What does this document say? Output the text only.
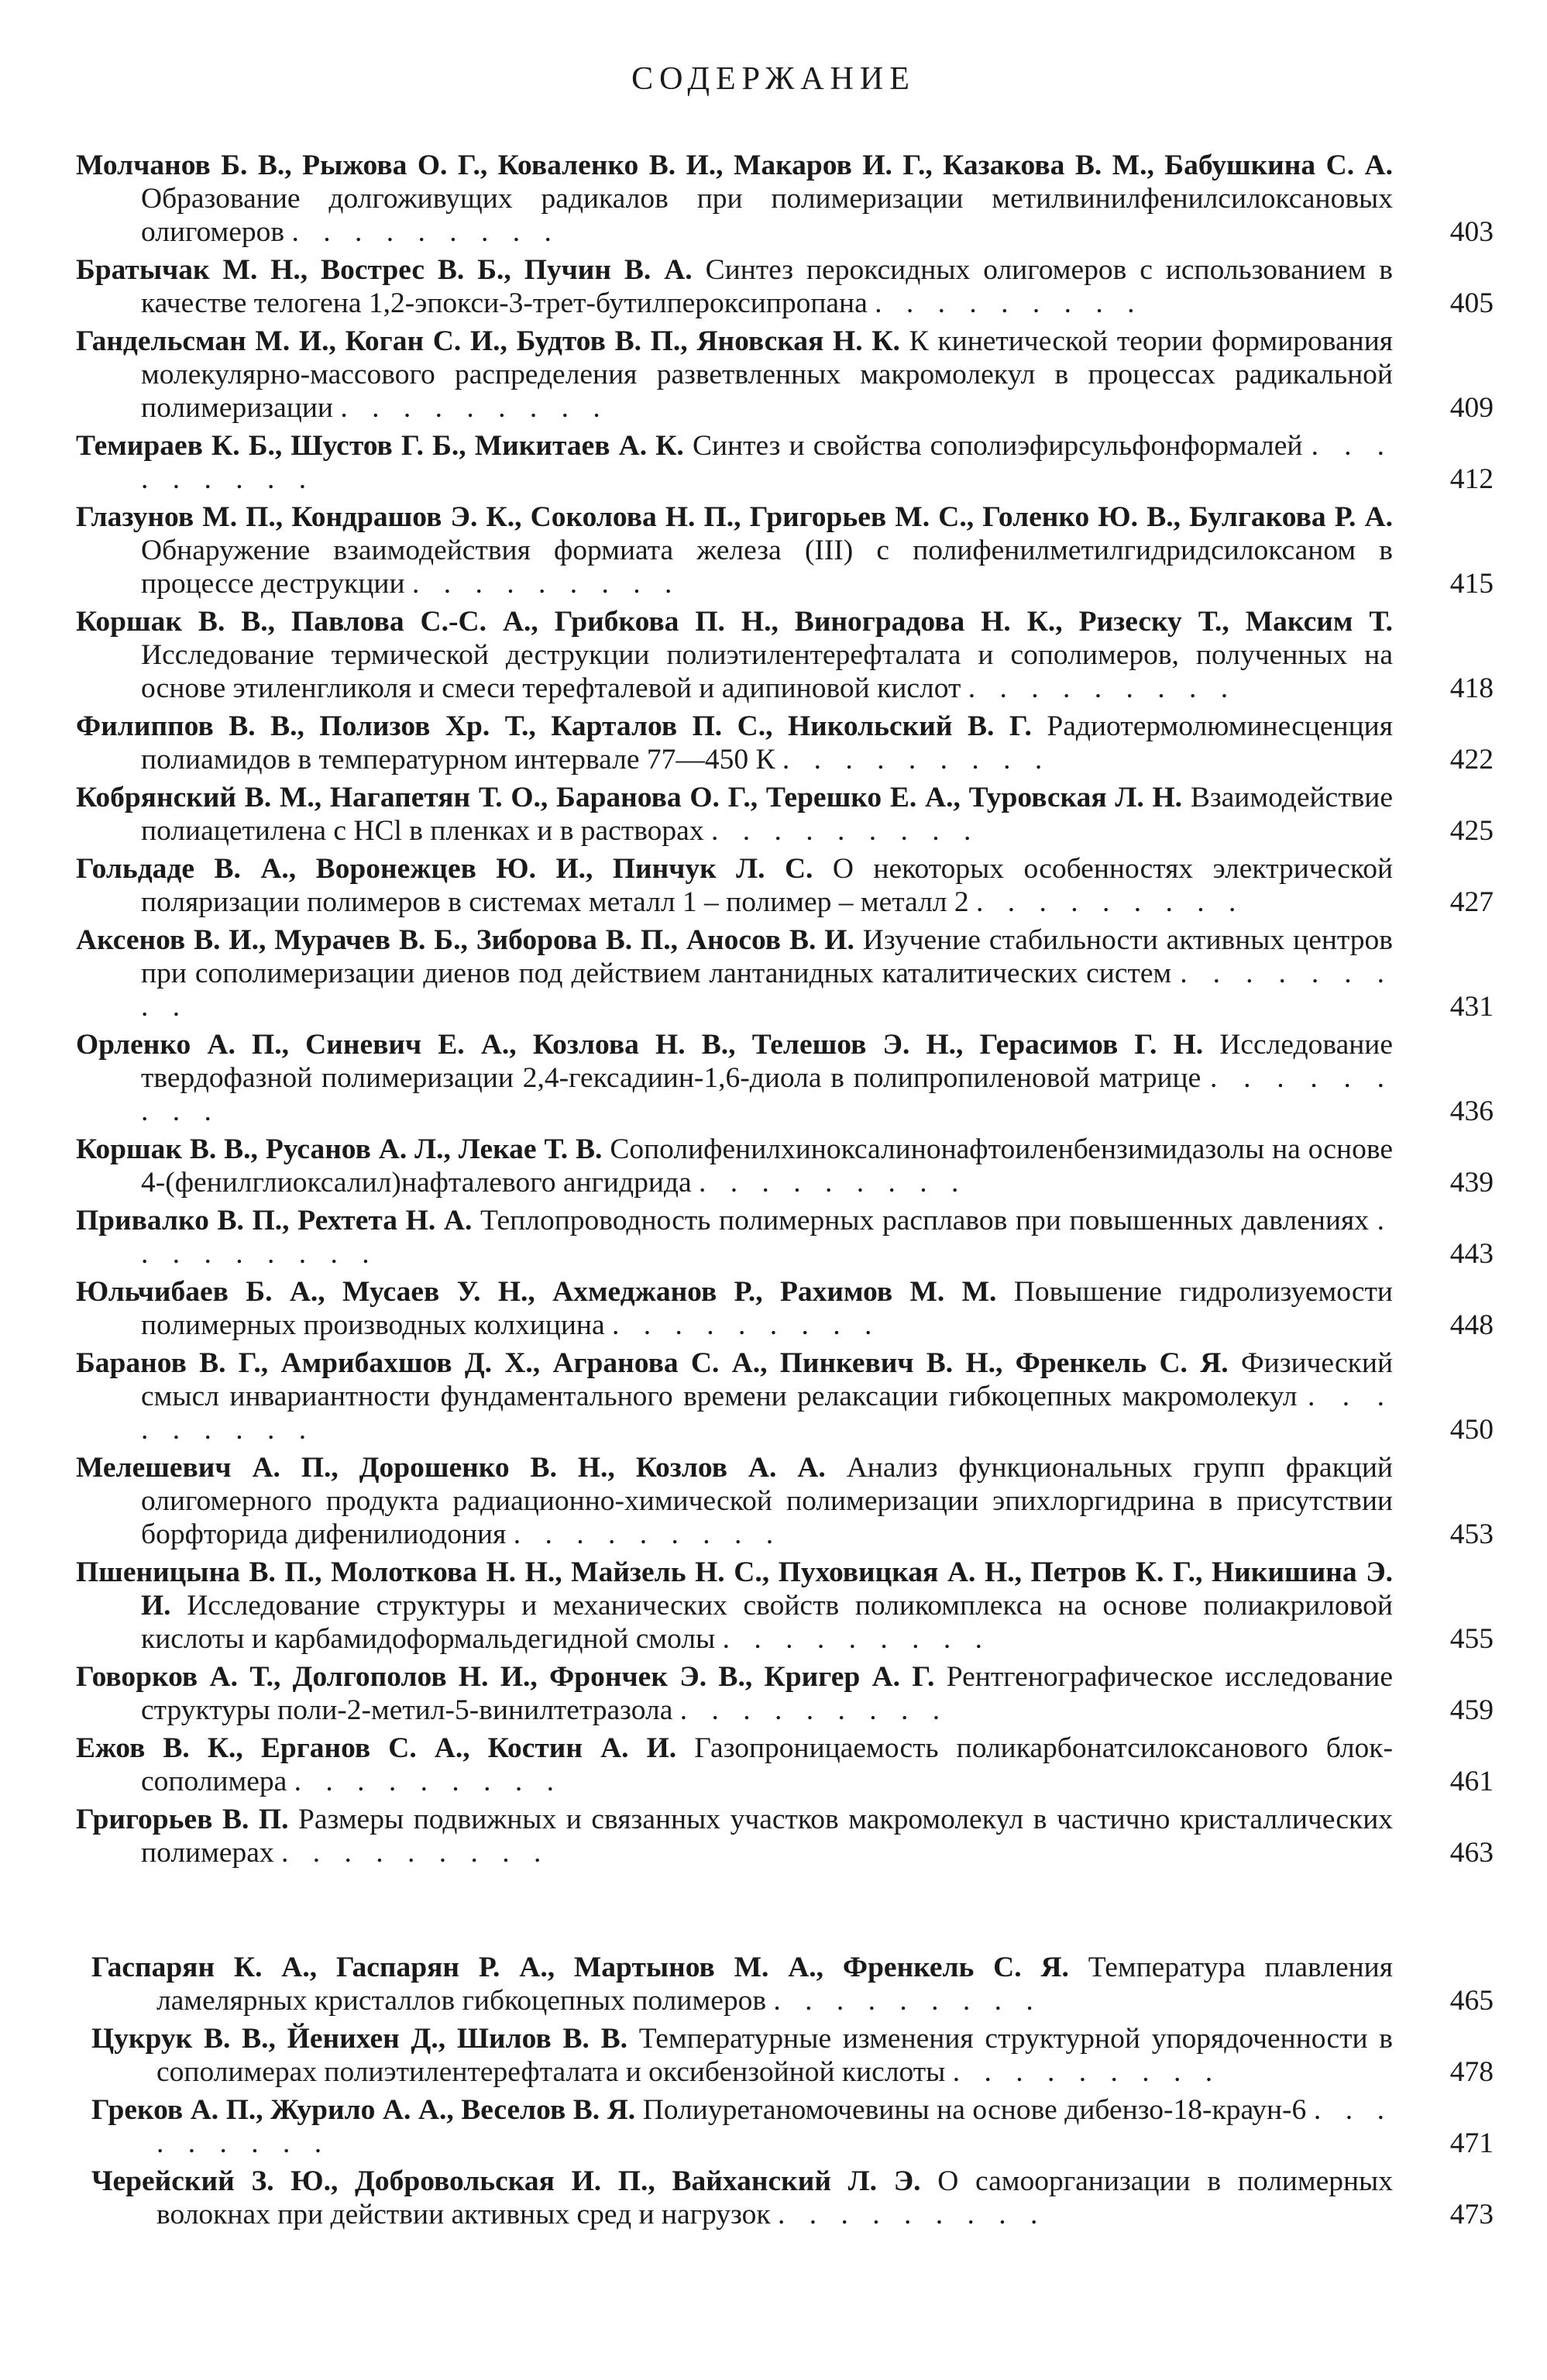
СОДЕРЖАНИЕ
Молчанов Б. В., Рыжова О. Г., Коваленко В. И., Макаров И. Г., Казакова В. М., Бабушкина С. А. Образование долгоживущих радикалов при полимеризации метилвинилфенилсилоксановых олигомеров . . . . . . . . .	403
Братычак М. Н., Вострес В. Б., Пучин В. А. Синтез пероксидных олигомеров с использованием в качестве телогена 1,2-эпокси-3-трет-бутилпероксипропана . . . . . . . . .	405
Гандельсман М. И., Коган С. И., Будтов В. П., Яновская Н. К. К кинетической теории формирования молекулярно-массового распределения разветвленных макромолекул в процессах радикальной полимеризации . . . . . . . . .	409
Темираев К. Б., Шустов Г. Б., Микитаев А. К. Синтез и свойства сополиэфирсульфонформалей . . . . . . . . .	412
Глазунов М. П., Кондрашов Э. К., Соколова Н. П., Григорьев М. С., Голенко Ю. В., Булгакова Р. А. Обнаружение взаимодействия формиата железа (III) с полифенилметилгидридсилоксаном в процессе деструкции . . . . . . . . .	415
Коршак В. В., Павлова С.-С. А., Грибкова П. Н., Виноградова Н. К., Ризеску Т., Максим Т. Исследование термической деструкции полиэтилентерефталата и сополимеров, полученных на основе этиленгликоля и смеси терефталевой и адипиновой кислот . . . . . . . . .	418
Филиппов В. В., Полизов Хр. Т., Карталов П. С., Никольский В. Г. Радиотермолюминесценция полиамидов в температурном интервале 77—450 К . . . . . . . . .	422
Кобрянский В. М., Нагапетян Т. О., Баранова О. Г., Терешко Е. А., Туровская Л. Н. Взаимодействие полиацетилена с HCl в пленках и в растворах . . . . . . . . .	425
Гольдаде В. А., Воронежцев Ю. И., Пинчук Л. С. О некоторых особенностях электрической поляризации полимеров в системах металл 1 – полимер – металл 2 . . . . . . . . .	427
Аксенов В. И., Мурачев В. Б., Зиборова В. П., Аносов В. И. Изучение стабильности активных центров при сополимеризации диенов под действием лантанидных каталитических систем . . . . . . . . .	431
Орленко А. П., Синевич Е. А., Козлова Н. В., Телешов Э. Н., Герасимов Г. Н. Исследование твердофазной полимеризации 2,4-гексадиин-1,6-диола в полипропиленовой матрице . . . . . . . . .	436
Коршак В. В., Русанов А. Л., Лекае Т. В. Сополифенилхиноксалинонафтоиленбензимидазолы на основе 4-(фенилглиоксалил)нафталевого ангидрида . . . . . . . . .	439
Привалко В. П., Рехтета Н. А. Теплопроводность полимерных расплавов при повышенных давлениях . . . . . . . . .	443
Юльчибаев Б. А., Мусаев У. Н., Ахмеджанов Р., Рахимов М. М. Повышение гидролизуемости полимерных производных колхицина . . . . . . . . .	448
Баранов В. Г., Амрибахшов Д. Х., Агранова С. А., Пинкевич В. Н., Френкель С. Я. Физический смысл инвариантности фундаментального времени релаксации гибкоцепных макромолекул . . . . . . . . .	450
Мелешевич А. П., Дорошенко В. Н., Козлов А. А. Анализ функциональных групп фракций олигомерного продукта радиационно-химической полимеризации эпихлоргидрина в присутствии борфторида дифенилиодония . . . . . . . . .	453
Пшеницына В. П., Молоткова Н. Н., Майзель Н. С., Пуховицкая А. Н., Петров К. Г., Никишина Э. И. Исследование структуры и механических свойств поликомплекса на основе полиакриловой кислоты и карбамидоформальдегидной смолы . . . . . . . . .	455
Говорков А. Т., Долгополов Н. И., Фрончек Э. В., Кригер А. Г. Рентгенографическое исследование структуры поли-2-метил-5-винилтетразола . . . . . . . . .	459
Ежов В. К., Ерганов С. А., Костин А. И. Газопроницаемость поликарбонатсилоксанового блок-сополимера . . . . . . . . .	461
Григорьев В. П. Размеры подвижных и связанных участков макромолекул в частично кристаллических полимерах . . . . . . . . .	463
Гаспарян К. А., Гаспарян Р. А., Мартынов М. А., Френкель С. Я. Температура плавления ламелярных кристаллов гибкоцепных полимеров . . . . . . . . .	465
Цукрук В. В., Йенихен Д., Шилов В. В. Температурные изменения структурной упорядоченности в сополимерах полиэтилентерефталата и оксибензойной кислоты . . . . . . . . .	478
Греков А. П., Журило А. А., Веселов В. Я. Полиуретаномочевины на основе дибензо-18-краун-6 . . . . . . . . .	471
Черейский З. Ю., Добровольская И. П., Вайханский Л. Э. О самоорганизации в полимерных волокнах при действии активных сред и нагрузок . . . . . . . . .	473
